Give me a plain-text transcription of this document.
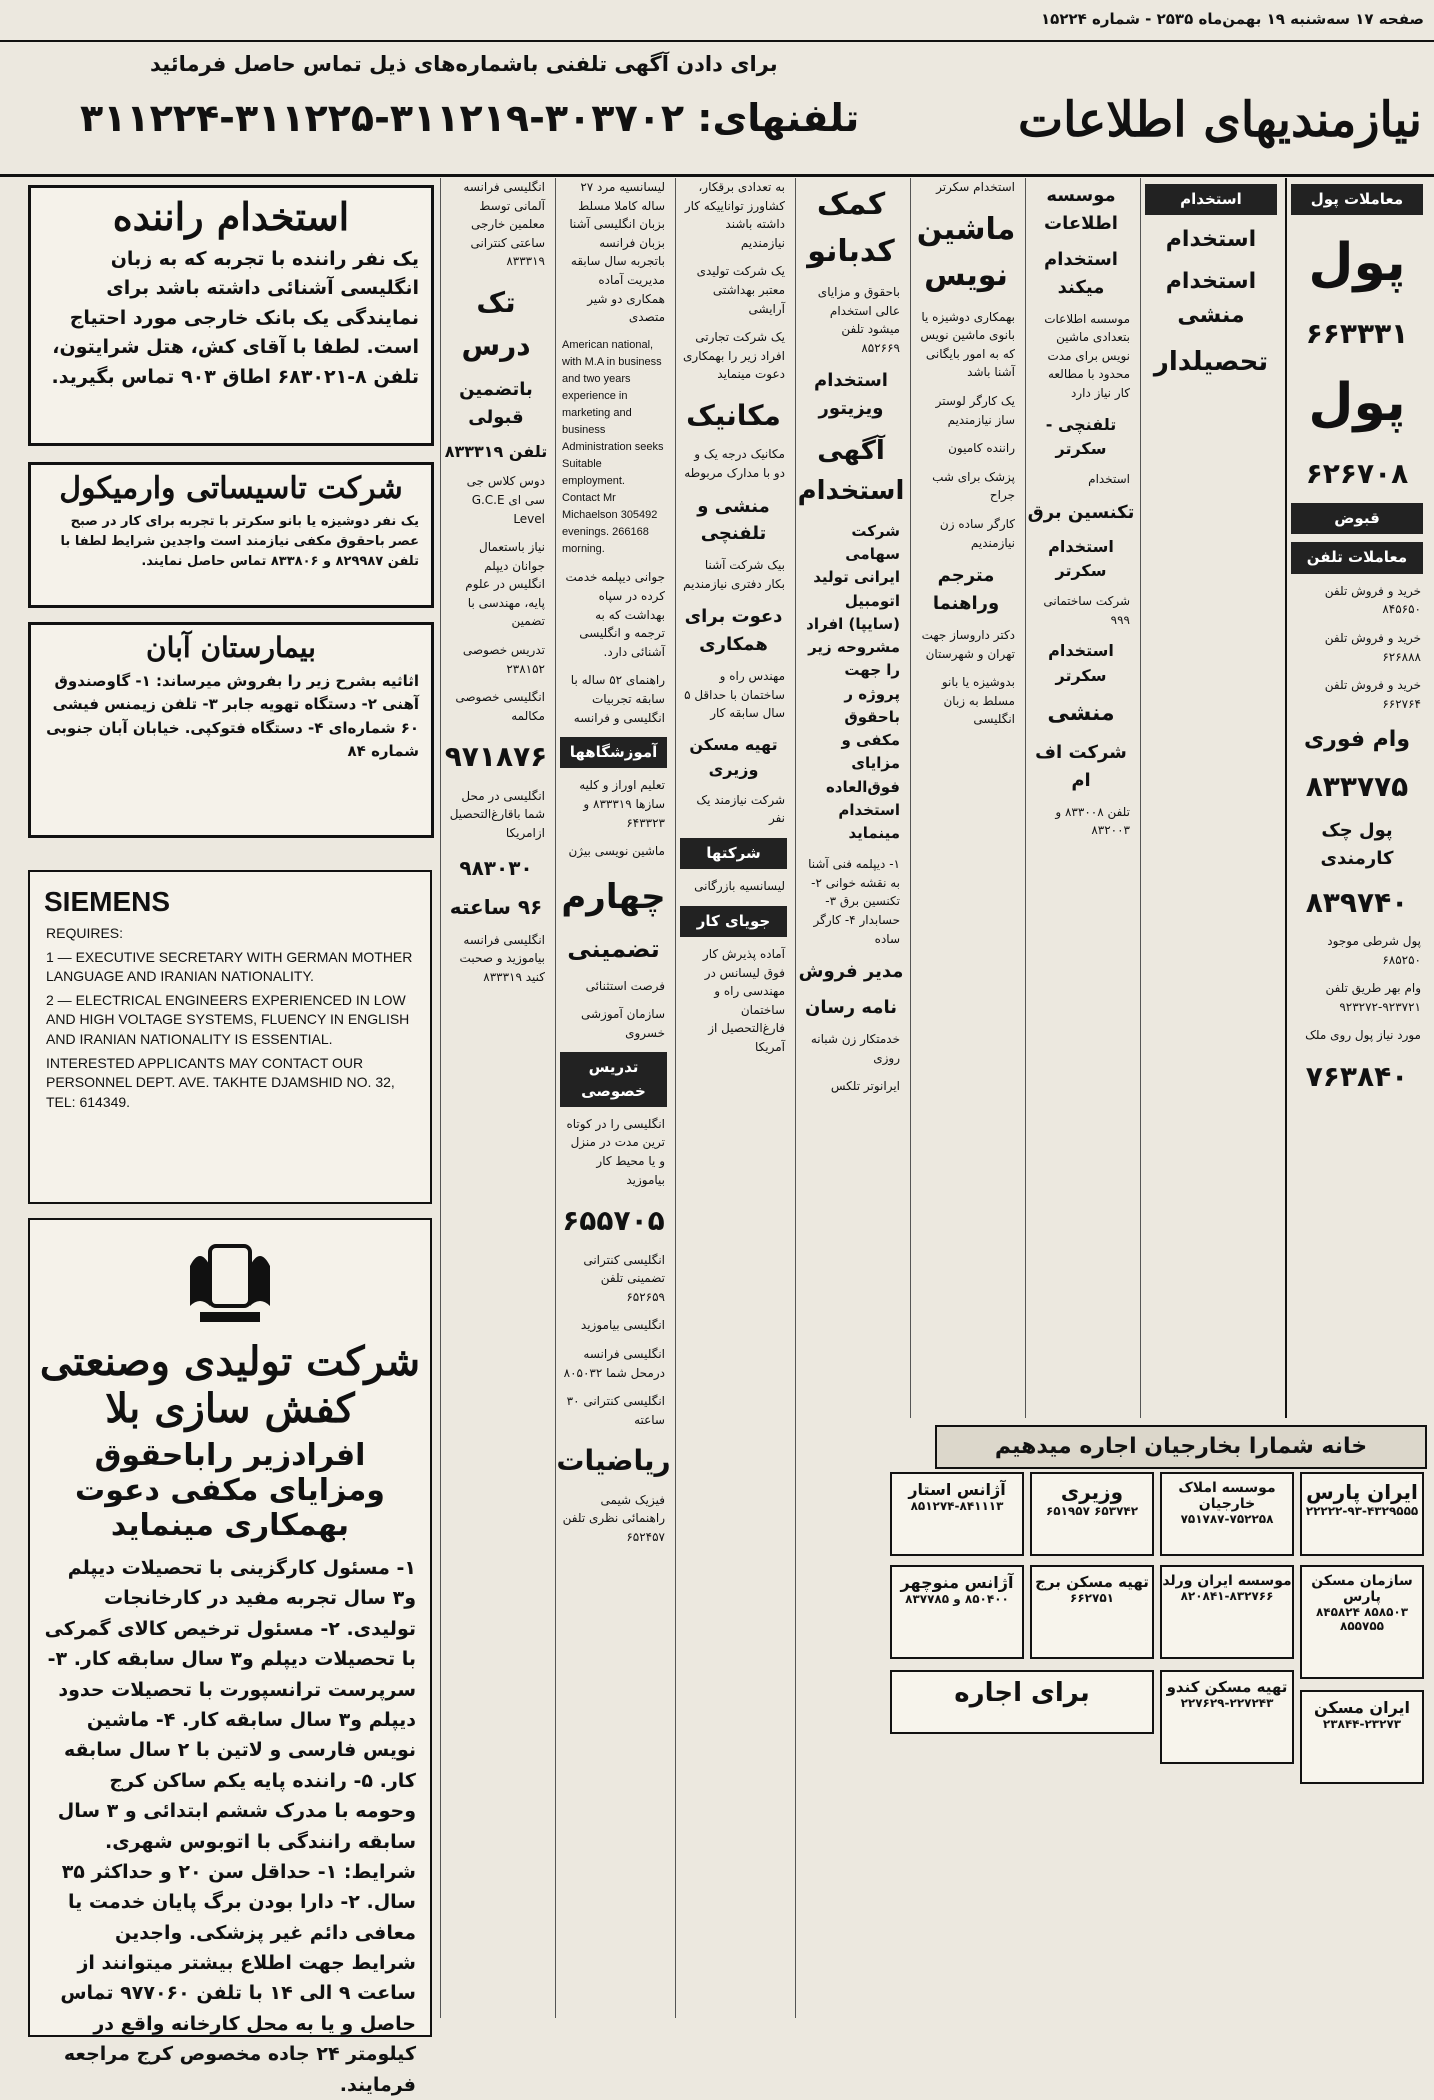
صفحه ۱۷ سه‌شنبه ۱۹ بهمن‌ماه ۲۵۳۵ - شماره ۱۵۲۲۴
نیازمندیهای اطلاعات
برای دادن آگهی تلفنی باشماره‌های ذیل تماس حاصل فرمائید
تلفنهای: ۳۰۳۷۰۲-۳۱۱۲۱۹-۳۱۱۲۲۵-۳۱۱۲۲۴
استخدام راننده
یک نفر راننده با تجربه که به زبان انگلیسی آشنائی داشته باشد برای نمایندگی یک بانک خارجی مورد احتیاج است. لطفا با آقای کش، هتل شرایتون، تلفن ۸-۶۸۳۰۲۱ اطاق ۹۰۳ تماس بگیرید.
شرکت تاسیساتی وارمیکول
یک نفر دوشیزه یا بانو سکرتر با تجربه برای کار در صبح عصر باحقوق مکفی نیازمند است واجدین شرایط لطفا با تلفن ۸۲۹۹۸۷ و ۸۳۳۸۰۶ تماس حاصل نمایند.
بیمارستان آبان
اثاثیه بشرح زیر را بفروش میرساند: ۱- گاوصندوق آهنی ۲- دستگاه تهویه جابر ۳- تلفن زیمنس فیشی ۶۰ شماره‌ای ۴- دستگاه فتوکپی. خیابان آبان جنوبی شماره ۸۴
SIEMENS
REQUIRES:
1 — EXECUTIVE SECRETARY WITH GERMAN MOTHER LANGUAGE AND IRANIAN NATIONALITY.
2 — ELECTRICAL ENGINEERS EXPERIENCED IN LOW AND HIGH VOLTAGE SYSTEMS, FLUENCY IN ENGLISH AND IRANIAN NATIONALITY IS ESSENTIAL.
INTERESTED APPLICANTS MAY CONTACT OUR PERSONNEL DEPT. AVE. TAKHTE DJAMSHID NO. 32, TEL: 614349.
شرکت تولیدی وصنعتی کفش سازی بلا
افرادزیر راباحقوق ومزایای مکفی دعوت بهمکاری مینماید
۱- مسئول کارگزینی با تحصیلات دیپلم و۳ سال تجربه مفید در کارخانجات تولیدی. ۲- مسئول ترخیص کالای گمرکی با تحصیلات دیپلم و۳ سال سابقه کار. ۳- سرپرست ترانسپورت با تحصیلات حدود دیپلم و۳ سال سابقه کار. ۴- ماشین نویس فارسی و لاتین با ۲ سال سابقه کار. ۵- راننده پایه یکم ساکن کرج وحومه با مدرک ششم ابتدائی و ۳ سال سابقه رانندگی با اتوبوس شهری. شرایط: ۱- حداقل سن ۲۰ و حداکثر ۳۵ سال. ۲- دارا بودن برگ پایان خدمت یا معافی دائم غیر پزشکی. واجدین شرایط جهت اطلاع بیشتر میتوانند از ساعت ۹ الی ۱۴ با تلفن ۹۷۷۰۶۰ تماس حاصل و یا به محل کارخانه واقع در کیلومتر ۲۴ جاده مخصوص کرج مراجعه فرمایند.

انگلیسی فرانسه آلمانی توسط معلمین خارجی ساعتی کنترانی ۸۳۳۳۱۹

تک درس
باتضمین قبولی
تلفن ۸۳۳۳۱۹

دوس کلاس جی سی ای G.C.E Level

نیاز باستعمال جوانان دیپلم انگلیس در علوم پایه، مهندسی با تضمین

تدریس خصوصی ۲۳۸۱۵۲

انگلیسی خصوصی مکالمه

۹۷۱۸۷۶

انگلیسی در محل شما باقارغ‌التحصیل ازامریکا

۹۸۳۰۳۰
۹۶ ساعته

انگلیسی فرانسه بیاموزید و صحبت کنید ۸۳۳۳۱۹

لیسانسیه مرد ۲۷ ساله کاملا مسلط بزبان انگلیسی آشنا بزبان فرانسه باتجربه سال سابقه مدیریت آماده همکاری دو شیر متصدی

American national, with M.A in business and two years experience in marketing and business Administration seeks Suitable employment. Contact Mr Michaelson 305492 evenings. 266168 morning.

جوانی دیپلمه خدمت کرده در سپاه بهداشت که به ترجمه و انگلیسی آشنائی دارد.

راهنمای ۵۲ ساله با سابقه تجربیات انگلیسی و فرانسه

آموزشگاهها

تعلیم اوراز و کلیه سازها ۸۳۳۳۱۹ و ۶۴۳۳۲۳

ماشین نویسی بیژن

چهارم
تضمینی

فرصت استثنائی

سازمان آموزشی خسروی

تدریس خصوصی

انگلیسی را در کوتاه ترین مدت در منزل و یا محیط کار بیاموزید

۶۵۵۷۰۵

انگلیسی کنترانی تضمینی تلفن ۶۵۲۶۵۹

انگلیسی بیاموزید

انگلیسی فرانسه درمحل شما ۸۰۵۰۳۲

انگلیسی کنترانی ۳۰ ساعته

ریاضیات

فیزیک شیمی راهنمائی نظری تلفن ۶۵۲۴۵۷

به تعدادی برقکار، کشاورز تواناییکه کار داشته باشند نیازمندیم

یک شرکت تولیدی معتبر بهداشتی آرایشی

یک شرکت تجارتی افراد زیر را بهمکاری دعوت مینماید

مکانیک

مکانیک درجه یک و دو با مدارک مربوطه

منشی و تلفنچی

بیک شرکت آشنا بکار دفتری نیازمندیم

دعوت برای همکاری

مهندس راه و ساختمان با حداقل ۵ سال سابقه کار

تهیه مسکن وزیری

شرکت نیازمند یک نفر

شرکتها

لیسانسیه بازرگانی

جویای کار

آماده پذیرش کار فوق لیسانس در مهندسی راه و ساختمان فارغ‌التحصیل از آمریکا

کمک کدبانو

باحقوق و مزایای عالی استخدام میشود تلفن ۸۵۲۶۶۹

استخدام ویزیتور
آگهی استخدام

شرکت سهامی ایرانی تولید اتومبیل (سایپا) افراد مشروحه زیر را جهت پروژه ر باحقوق مکفی و مزایای فوق‌العاده استخدام مینماید

۱- دیپلمه فنی آشنا به نقشه خوانی ۲- تکنسین برق ۳- حسابدار ۴- کارگر ساده

مدیر فروش
نامه رسان

خدمتکار زن شبانه روزی

ایرانوتر تلکس

استخدام سکرتر

ماشین نویس

بهمکاری دوشیزه یا بانوی ماشین نویس که به امور بایگانی آشنا باشد

یک کارگر لوستر ساز نیازمندیم

راننده کامیون

پزشک برای شب جراح

کارگر ساده زن نیازمندیم

مترجم وراهنما

دکتر داروساز جهت تهران و شهرستان

بدوشیزه یا بانو مسلط به زبان انگلیسی

موسسه اطلاعات
استخدام میکند

موسسه اطلاعات بتعدادی ماشین نویس برای مدت محدود با مطالعه کار نیاز دارد

تلفنچی - سکرتر

استخدام

تکنسین برق
استخدام سکرتر

شرکت ساختمانی ۹۹۹

استخدام سکرتر
منشی
شرکت اف ام

تلفن ۸۳۳۰۰۸ و ۸۳۲۰۰۳

استخدام
استخدام
استخدام منشی
تحصیلدار
معاملات پول
پول
۶۶۳۳۳۱
پول
۶۲۶۷۰۸
قبوض
معاملات تلفن

خرید و فروش تلفن ۸۴۵۶۵۰

خرید و فروش تلفن ۶۲۶۸۸۸

خرید و فروش تلفن ۶۶۲۷۶۴

وام فوری
۸۳۳۷۷۵
پول چک کارمندی
۸۳۹۷۴۰

پول شرطی موجود ۶۸۵۲۵۰

وام بهر طریق تلفن ۹۲۳۷۲۱-۹۲۳۲۷۲

مورد نیاز پول روی ملک

۷۶۳۸۴۰
خانه شمارا بخارجیان اجاره میدهیم
ایران پارس
۲۲۲۲۲-۹۳-۴۳۲۹۵۵۵
موسسه املاک خارجیان
۷۵۱۷۸۷-۷۵۲۲۵۸
وزیری
۶۵۳۷۴۲ ۶۵۱۹۵۷
آژانس استار
۸۵۱۲۷۴-۸۴۱۱۱۳
سازمان مسکن پارس
۸۵۸۵۰۳ ۸۴۵۸۲۴ ۸۵۵۷۵۵
موسسه ایران ورلد
۸۲۰۸۴۱-۸۳۲۷۶۶
تهیه مسکن برج
۶۶۲۷۵۱
آژانس منوچهر
۸۵۰۴۰۰ و ۸۳۷۷۸۵
تهیه مسکن کندو
۲۲۷۶۲۹-۲۲۷۲۴۳	ایران مسکن
۲۳۸۴۴-۲۳۲۷۳
برای اجاره
